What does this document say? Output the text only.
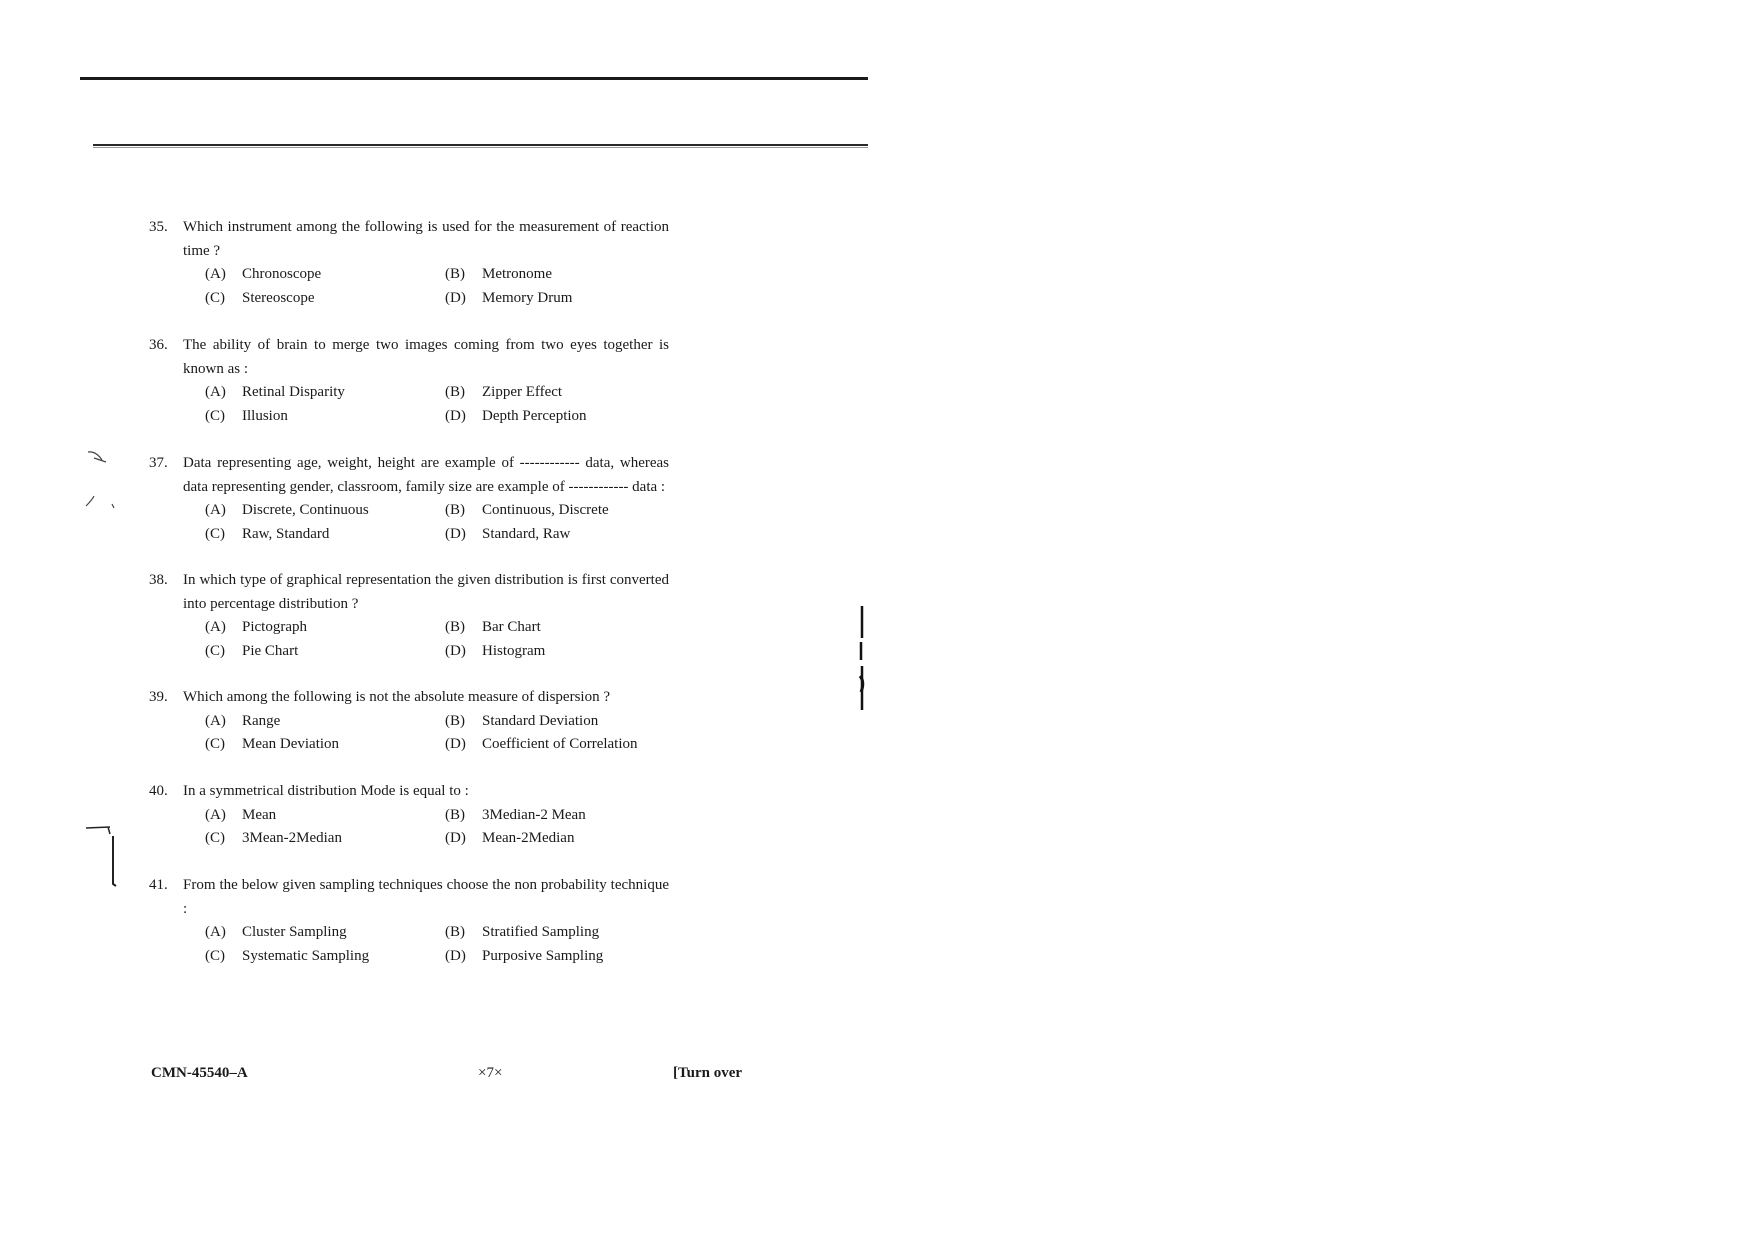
35. Which instrument among the following is used for the measurement of reaction time ?
(A) Chronoscope	(B) Metronome
(C) Stereoscope	(D) Memory Drum
36. The ability of brain to merge two images coming from two eyes together is known as :
(A) Retinal Disparity	(B) Zipper Effect
(C) Illusion	(D) Depth Perception
37. Data representing age, weight, height are example of ------------ data, whereas data representing gender, classroom, family size are example of ------------ data :
(A) Discrete, Continuous	(B) Continuous, Discrete
(C) Raw, Standard	(D) Standard, Raw
38. In which type of graphical representation the given distribution is first converted into percentage distribution ?
(A) Pictograph	(B) Bar Chart
(C) Pie Chart	(D) Histogram
39. Which among the following is not the absolute measure of dispersion ?
(A) Range	(B) Standard Deviation
(C) Mean Deviation	(D) Coefficient of Correlation
40. In a symmetrical distribution Mode is equal to :
(A) Mean	(B) 3Median-2 Mean
(C) 3Mean-2Median	(D) Mean-2Median
41. From the below given sampling techniques choose the non probability technique :
(A) Cluster Sampling	(B) Stratified Sampling
(C) Systematic Sampling	(D) Purposive Sampling
CMN-45540–A	×7×	[Turn over
